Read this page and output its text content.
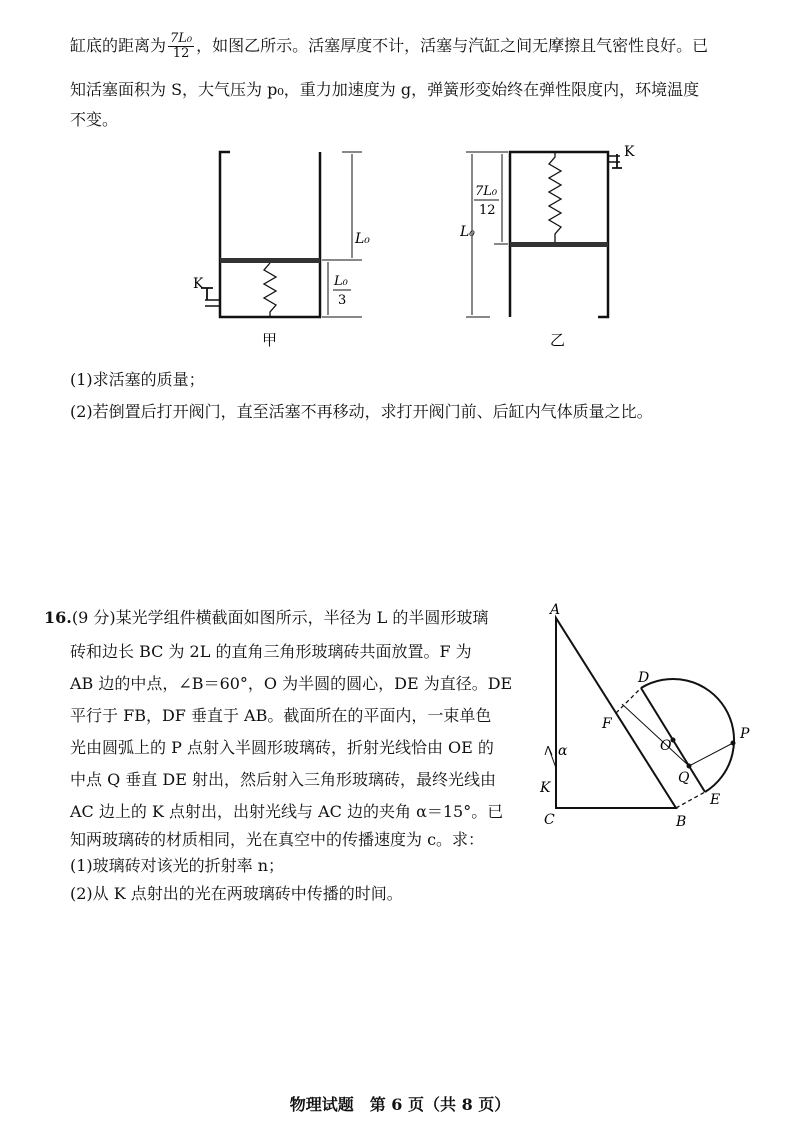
缸底的距离为 $\frac{\text{7L₀}}{12}$ ，如图乙所示。活塞厚度不计，活塞与汽缸之间无摩擦且气密性良好。已
知活塞面积为 S，大气压为 p₀，重力加速度为 g，弹簧形变始终在弹性限度内，环境温度
不变。
K
L₀
L₀
3
甲
K
7L₀
12
L₀
乙
(1)求活塞的质量；
(2)若倒置后打开阀门，直至活塞不再移动，求打开阀门前、后缸内气体质量之比。
16.(9 分)某光学组件横截面如图所示，半径为 L 的半圆形玻璃
砖和边长 BC 为 2L 的直角三角形玻璃砖共面放置。F 为
AB 边的中点，∠B＝60°，O 为半圆的圆心，DE 为直径。DE
平行于 FB，DF 垂直于 AB。截面所在的平面内，一束单色
光由圆弧上的 P 点射入半圆形玻璃砖，折射光线恰由 OE 的
中点 Q 垂直 DE 射出，然后射入三角形玻璃砖，最终光线由
AC 边上的 K 点射出，出射光线与 AC 边的夹角 α＝15°。已
知两玻璃砖的材质相同，光在真空中的传播速度为 c。求：
(1)玻璃砖对该光的折射率 n；
(2)从 K 点射出的光在两玻璃砖中传播的时间。
A
C	B
D
E
F
O
Q
P
K
α
物理试题　第 6 页（共 8 页）
